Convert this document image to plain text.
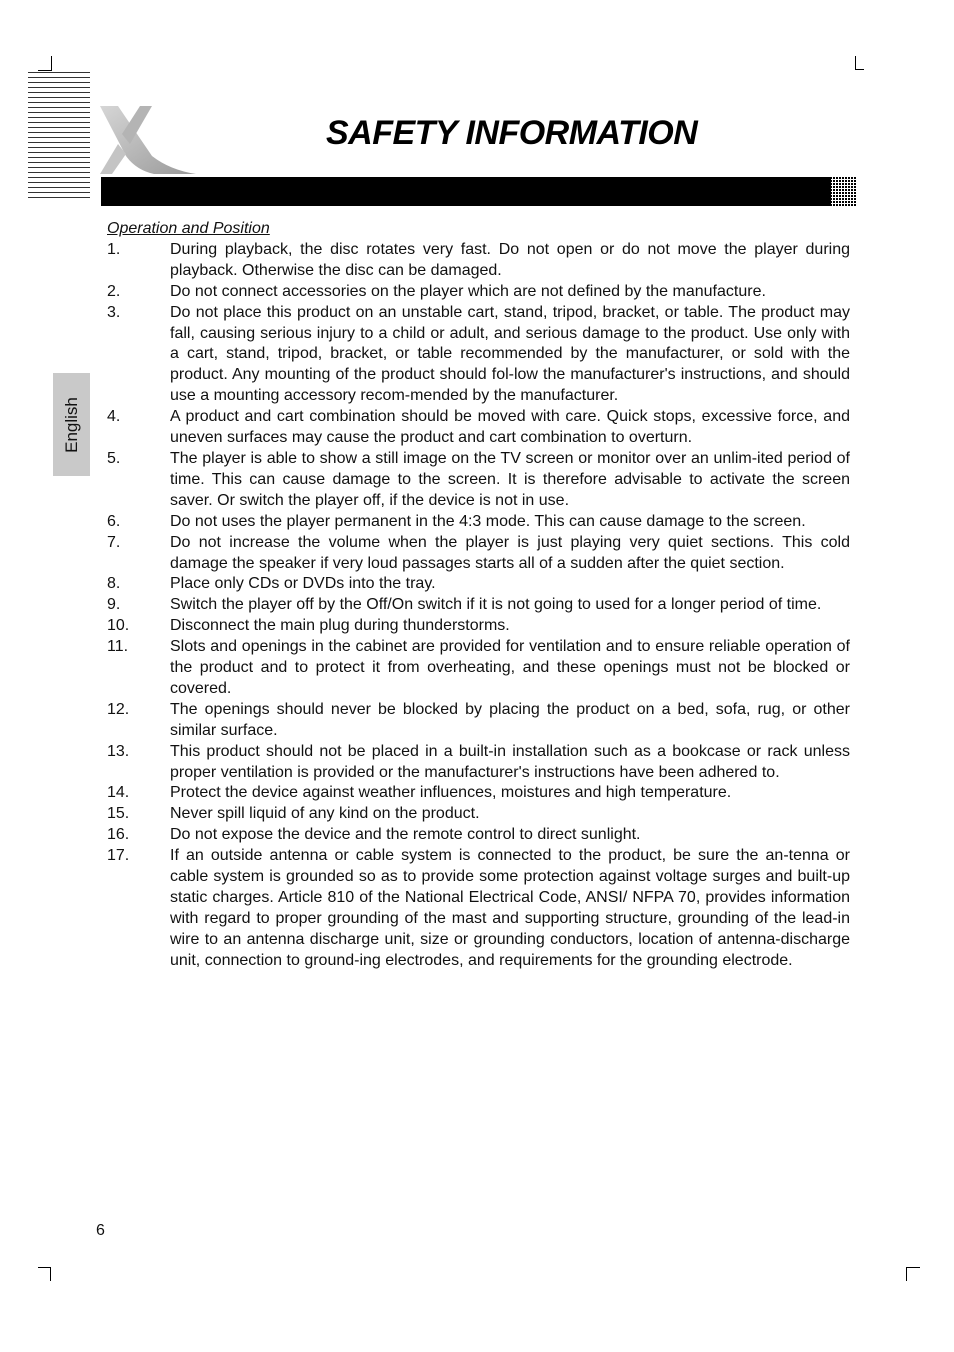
SAFETY INFORMATION
English

Operation and Position

1.	During playback, the disc rotates very fast. Do not open or do not move the player during playback. Otherwise the disc can be damaged.
2.	Do not connect accessories on the player which are not defined by the manufacture.
3.	Do not place this product on an unstable cart, stand, tripod, bracket, or table. The product may fall, causing serious injury to a child or adult, and serious damage to the product. Use only with a cart, stand, tripod, bracket, or table recommended by the manufacturer, or sold with the product. Any mounting of the product should fol-low the manufacturer's instructions, and should use a mounting accessory recom-mended by the manufacturer.
4.	A product and cart combination should be moved with care. Quick stops, excessive force, and uneven surfaces may cause the product and cart combination to overturn.
5.	The player is able to show a still image on the TV screen or monitor over an unlim-ited period of time. This can cause damage to the screen. It is therefore advisable to activate the screen saver. Or switch the player off, if the device is not in use.
6.	Do not uses the player permanent in the 4:3 mode. This can cause damage to the screen.
7.	Do not increase the volume when the player is just playing very quiet sections. This cold damage the speaker if very loud passages starts all of a sudden after the quiet section.
8.	Place only CDs or DVDs into the tray.
9.	Switch the player off by the Off/On switch if it is not going to used for a longer period of time.
10.	Disconnect the main plug during thunderstorms.
11.	Slots and openings in the cabinet are provided for ventilation and to ensure reliable operation of the product and to protect it from overheating, and these openings must not be blocked or covered.
12.	The openings should never be blocked by placing the product on a bed, sofa, rug, or other similar surface.
13.	This product should not be placed in a built-in installation such as a bookcase or rack unless proper ventilation is provided or the manufacturer's instructions have been adhered to.
14.	Protect the device against weather influences, moistures and high temperature.
15.	Never spill liquid of any kind on the product.
16.	Do not expose the device and the remote control to direct sunlight.
17.	If an outside antenna or cable system is connected to the product, be sure the an-tenna or cable system is grounded so as to provide some protection against voltage surges and built-up static charges. Article 810 of the National Electrical Code, ANSI/ NFPA 70, provides information with regard to proper grounding of the mast and supporting structure, grounding of the lead-in wire to an antenna discharge unit, size or grounding conductors, location of antenna-discharge unit, connection to ground-ing electrodes, and requirements for the grounding electrode.
6
